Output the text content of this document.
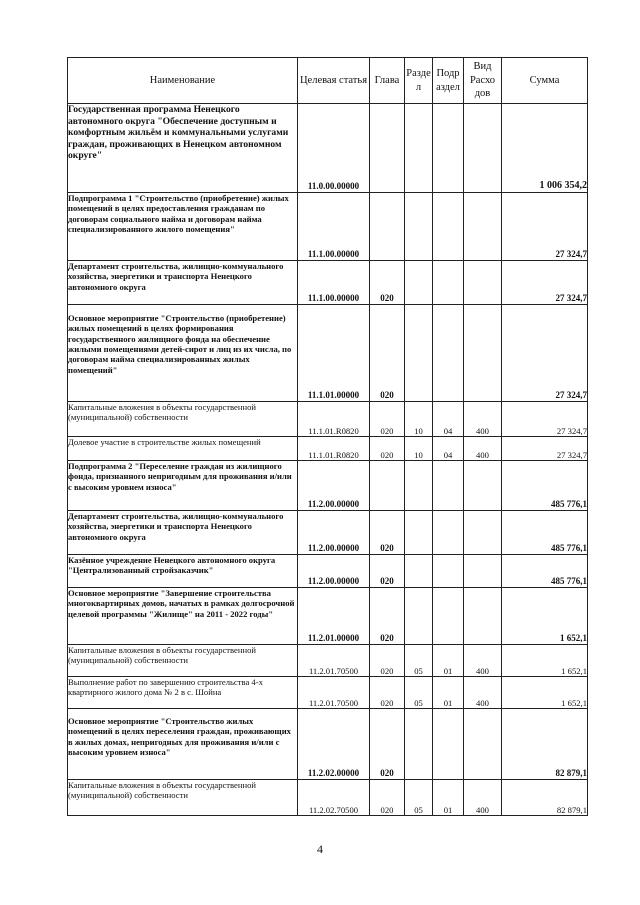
Наименование	Целевая статья	Глава	Разде л	Подр аздел	Вид Расхо дов	Сумма
Государственная программа Ненецкого автономного округа "Обеспечение доступным и комфортным жильём и коммунальными услугами граждан, проживающих в Ненецком автономном округе"	11.0.00.00000					1 006 354,2
Подпрограмма 1 "Строительство (приобретение) жилых помещений в целях предоставления гражданам по договорам социального найма и договорам найма специализированного жилого помещения"	11.1.00.00000					27 324,7
Департамент строительства, жилищно-коммунального хозяйства, энергетики и транспорта Ненецкого автономного округа	11.1.00.00000	020				27 324,7
Основное мероприятие "Строительство (приобретение) жилых помещений в целях формирования государственного жилищного фонда на обеспечение жилыми помещениями детей-сирот и лиц из их числа, по договорам найма специализированных жилых помещений"	11.1.01.00000	020				27 324,7
Капитальные вложения в объекты государственной (муниципальной) собственности	11.1.01.R0820	020	10	04	400	27 324,7
Долевое участие в строительстве жилых помещений	11.1.01.R0820	020	10	04	400	27 324,7
Подпрограмма 2 "Переселение граждан из жилищного фонда, признанного непригодным для проживания и/или с высоким уровнем износа"	11.2.00.00000					485 776,1
Департамент строительства, жилищно-коммунального хозяйства, энергетики и транспорта Ненецкого автономного округа	11.2.00.00000	020				485 776,1
Казённое учреждение Ненецкого автономного округа "Централизованный стройзаказчик"	11.2.00.00000	020				485 776,1
Основное мероприятие "Завершение строительства многоквартирных домов, начатых в рамках долгосрочной целевой программы "Жилище" на 2011 - 2022 годы"	11.2.01.00000	020				1 652,1
Капитальные вложения в объекты государственной (муниципальной) собственности	11.2.01.70500	020	05	01	400	1 652,1
Выполнение работ по завершению строительства 4-х квартирного жилого дома № 2 в с. Шойна	11.2.01.70500	020	05	01	400	1 652,1
Основное мероприятие "Строительство жилых помещений в целях переселения граждан, проживающих в жилых домах, непригодных для проживания и/или с высоким уровнем износа"	11.2.02.00000	020				82 879,1
Капитальные вложения в объекты государственной (муниципальной) собственности	11.2.02.70500	020	05	01	400	82 879,1
4
